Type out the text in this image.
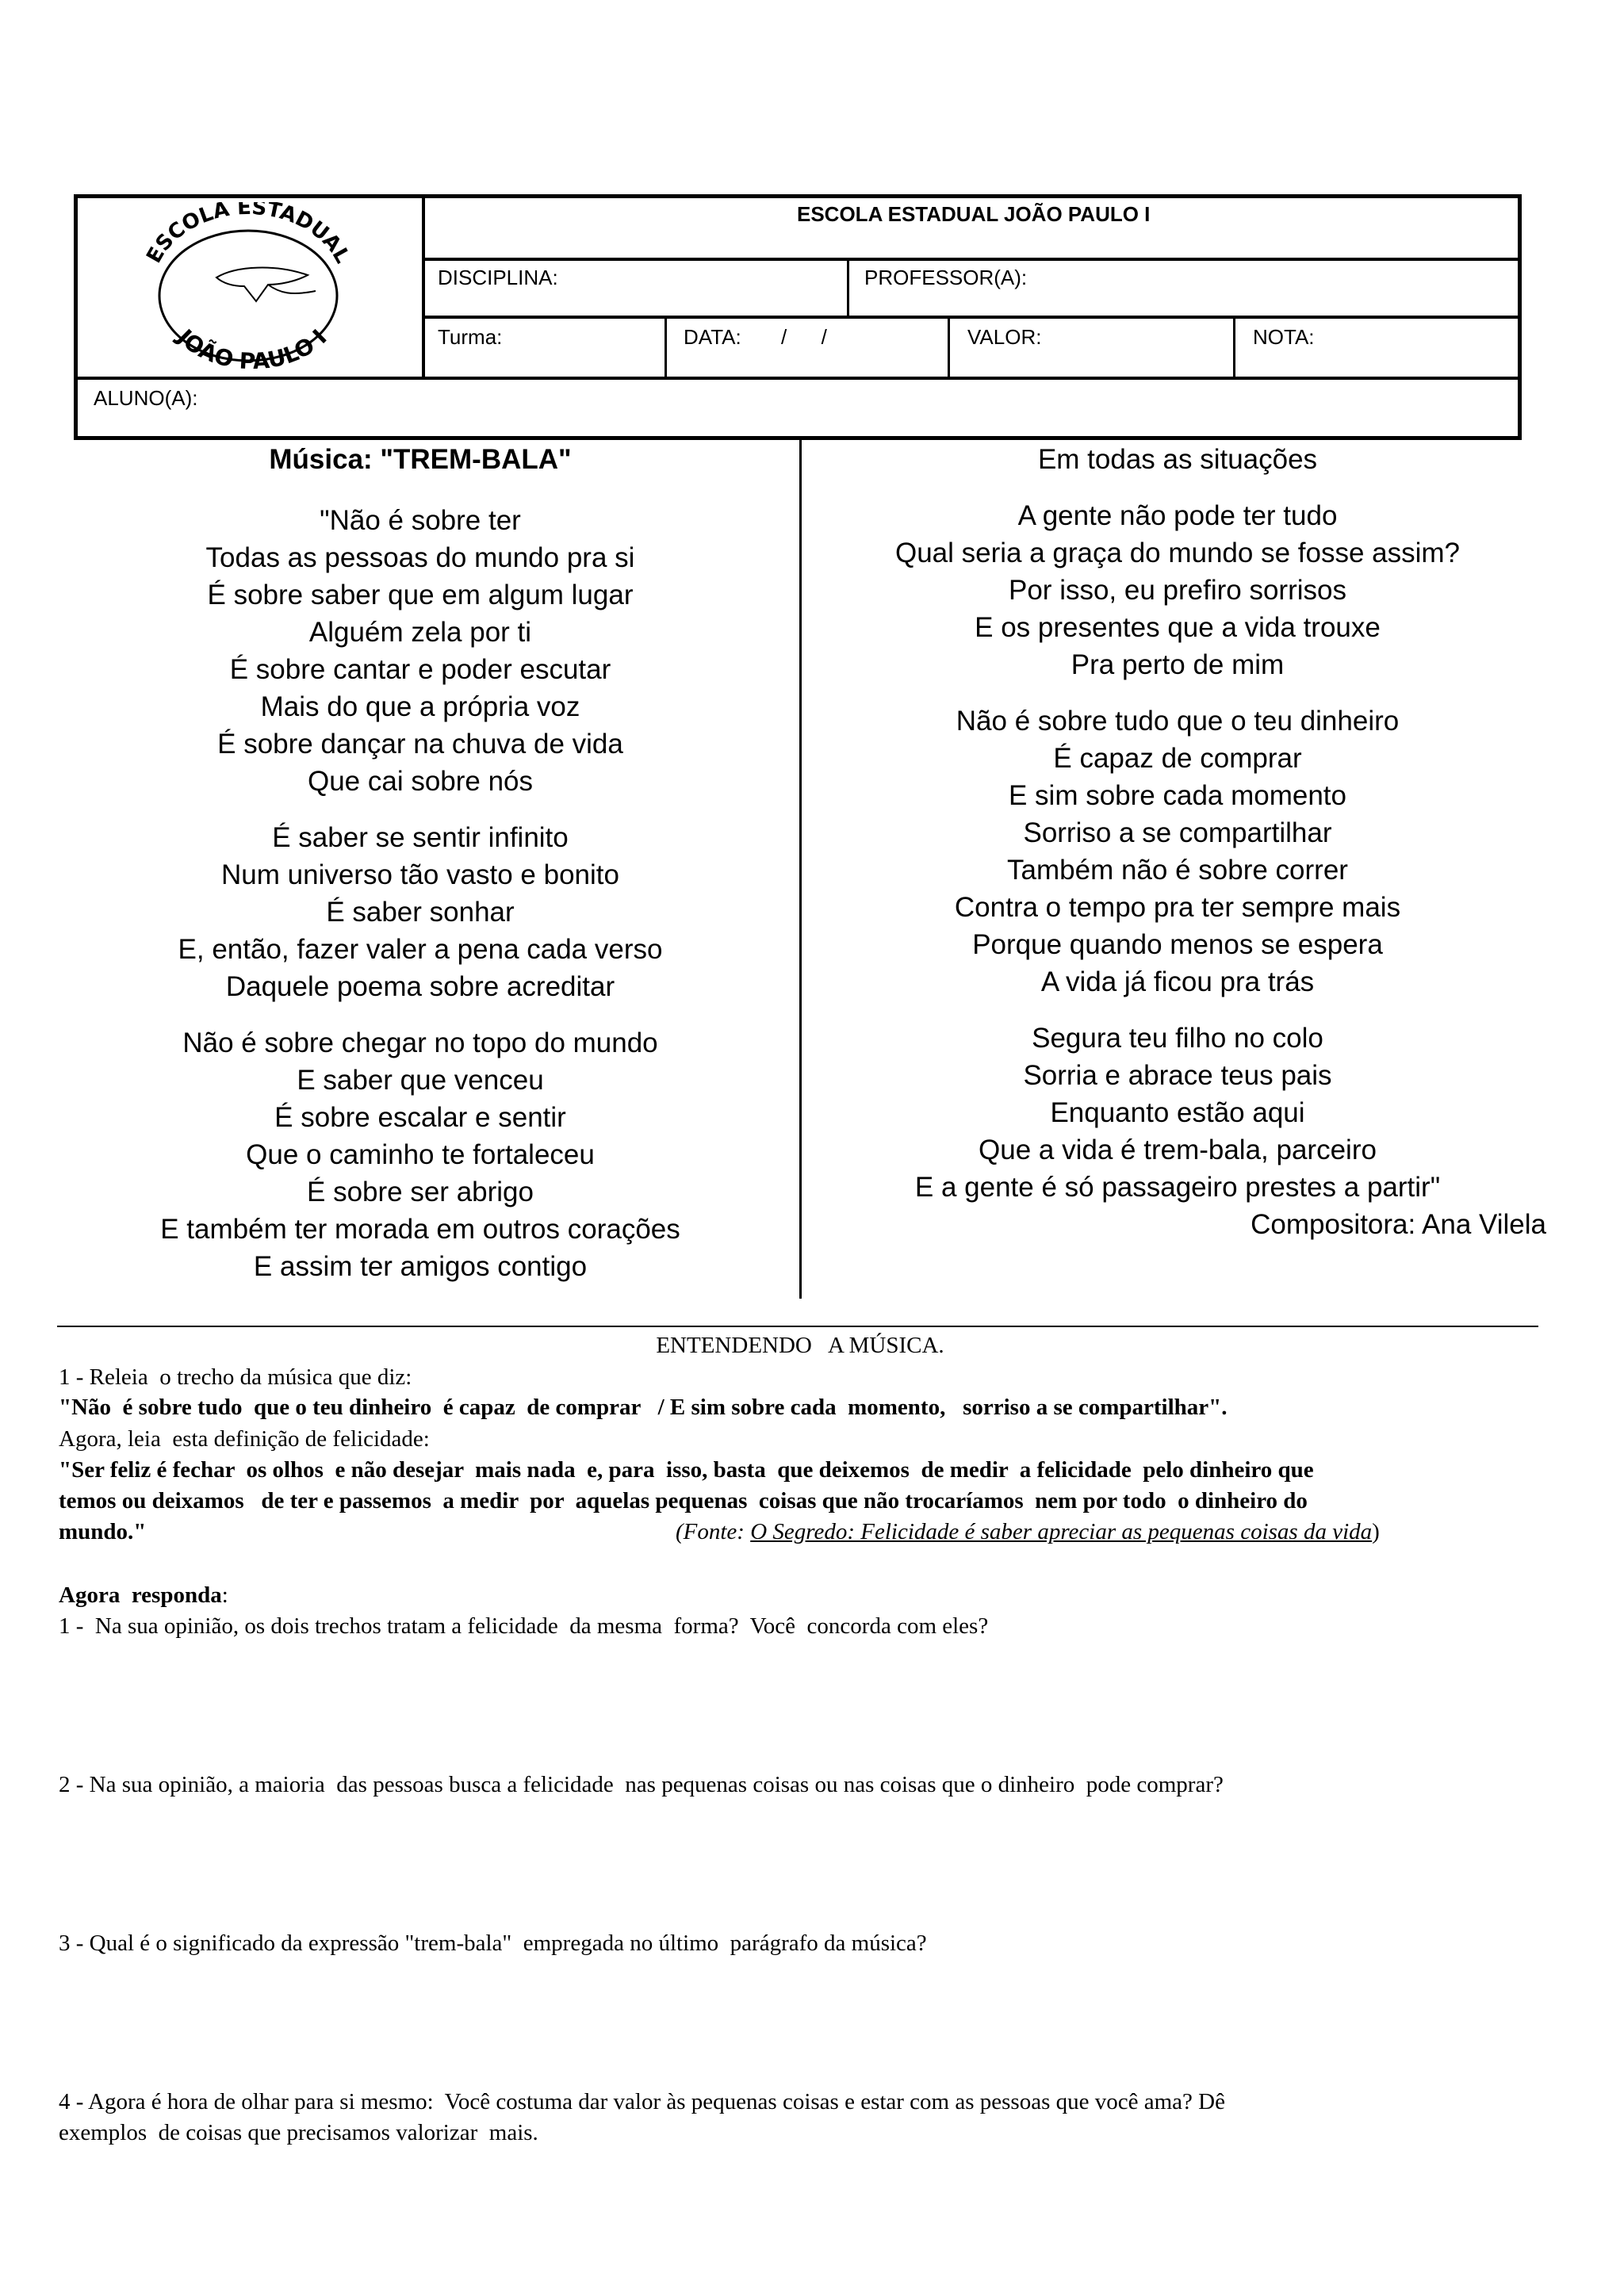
ESCOLA ESTADUAL
JOÃO PAULO I
ESCOLA ESTADUAL JOÃO PAULO I
DISCIPLINA:	PROFESSOR(A):
Turma:	DATA: /      /	VALOR:	NOTA:
ALUNO(A):
Música: "TREM-BALA"
"Não é sobre ter
Todas as pessoas do mundo pra si
É sobre saber que em algum lugar
Alguém zela por ti
É sobre cantar e poder escutar
Mais do que a própria voz
É sobre dançar na chuva de vida
Que cai sobre nós
É saber se sentir infinito
Num universo tão vasto e bonito
É saber sonhar
E, então, fazer valer a pena cada verso
Daquele poema sobre acreditar
Não é sobre chegar no topo do mundo
E saber que venceu
É sobre escalar e sentir
Que o caminho te fortaleceu
É sobre ser abrigo
E também ter morada em outros corações
E assim ter amigos contigo
Em todas as situações
A gente não pode ter tudo
Qual seria a graça do mundo se fosse assim?
Por isso, eu prefiro sorrisos
E os presentes que a vida trouxe
Pra perto de mim
Não é sobre tudo que o teu dinheiro
É capaz de comprar
E sim sobre cada momento
Sorriso a se compartilhar
Também não é sobre correr
Contra o tempo pra ter sempre mais
Porque quando menos se espera
A vida já ficou pra trás
Segura teu filho no colo
Sorria e abrace teus pais
Enquanto estão aqui
Que a vida é trem-bala, parceiro
E a gente é só passageiro prestes a partir"
Compositora: Ana Vilela
ENTENDENDO   A MÚSICA.
1 - Releia  o trecho da música que diz:
"Não  é sobre tudo  que o teu dinheiro  é capaz  de comprar   / E sim sobre cada  momento,   sorriso a se compartilhar".
Agora, leia  esta definição de felicidade:
"Ser feliz é fechar  os olhos  e não desejar  mais nada  e, para  isso, basta  que deixemos  de medir  a felicidade  pelo dinheiro que
temos ou deixamos   de ter e passemos  a medir  por  aquelas pequenas  coisas que não trocaríamos  nem por todo  o dinheiro do
mundo."	(Fonte: O Segredo: Felicidade é saber apreciar as pequenas coisas da vida)
Agora  responda:
1 -  Na sua opinião, os dois trechos tratam a felicidade  da mesma  forma?  Você  concorda com eles?
2 - Na sua opinião, a maioria  das pessoas busca a felicidade  nas pequenas coisas ou nas coisas que o dinheiro  pode comprar?
3 - Qual é o significado da expressão "trem-bala"  empregada no último  parágrafo da música?
4 - Agora é hora de olhar para si mesmo:  Você costuma dar valor às pequenas coisas e estar com as pessoas que você ama? Dê
exemplos  de coisas que precisamos valorizar  mais.
